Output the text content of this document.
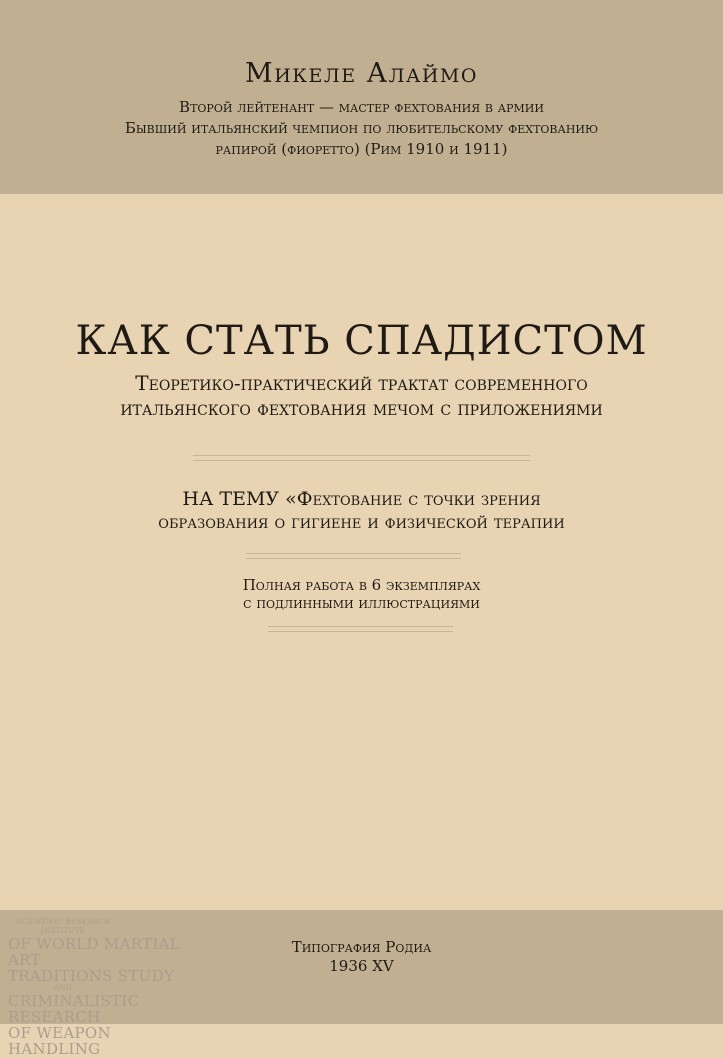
Микеле Алаймо
Второй лейтенант — мастер фехтования в армии
Бывший итальянский чемпион по любительскому фехтованию
рапирой (фиоретто) (Рим 1910 и 1911)
КАК СТАТЬ СПАДИСТОМ
Теоретико-практический трактат современного
итальянского фехтования мечом с приложениями
НА ТЕМУ «Фехтование с точки зрения
образования о гигиене и физической терапии
Полная работа в 6 экземплярах
с подлинными иллюстрациями
Типография Родиа
1936 XV
SCIENTIFIC RESEARCH INSTITUTE
OF WORLD MARTIAL ART
TRADITIONS STUDY
AND
CRIMINALISTIC RESEARCH
OF WEAPON HANDLING
